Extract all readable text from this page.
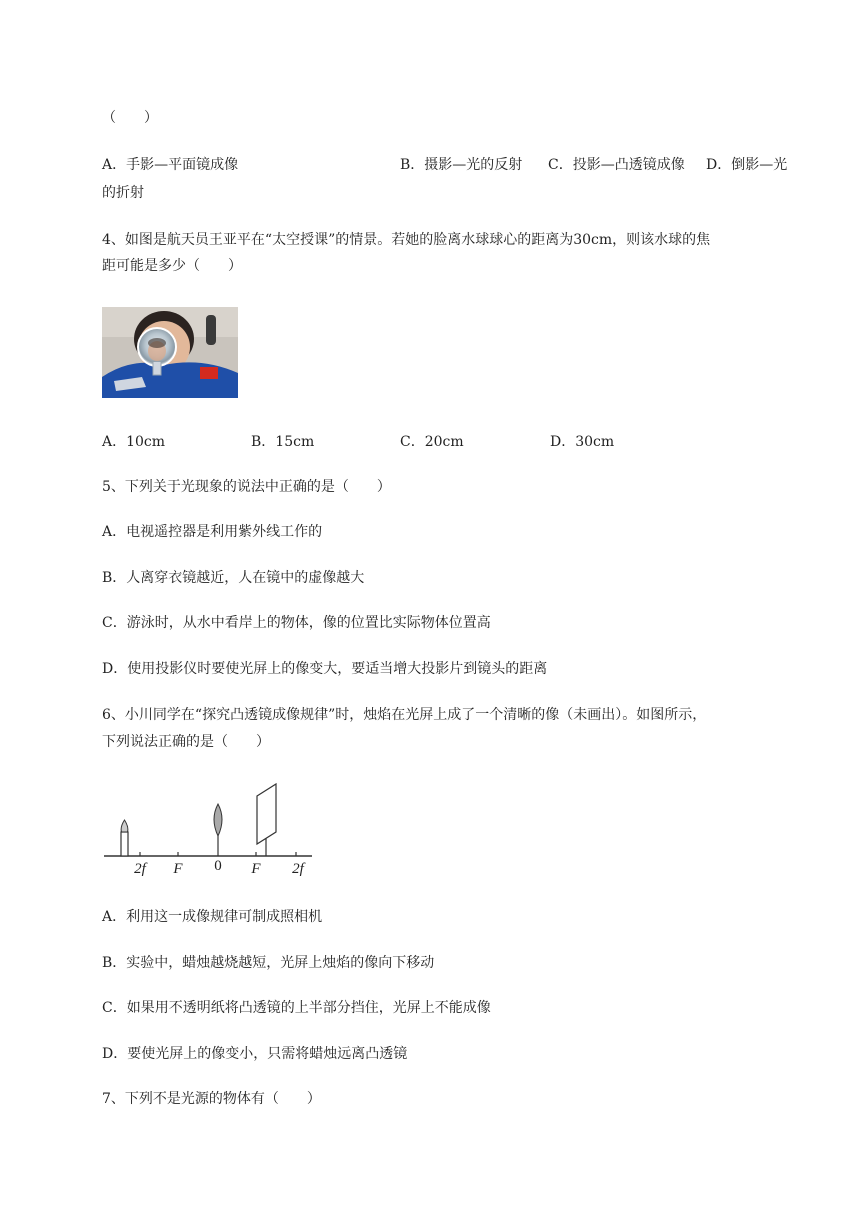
（　　）
A．手影—平面镜成像	B．摄影—光的反射 C．投影—凸透镜成像 D．倒影—光
的折射
4、如图是航天员王亚平在“太空授课”的情景。若她的脸离水球球心的距离为30cm，则该水球的焦
距可能是多少（　　）
A．10cm	B．15cm	C．20cm	D．30cm
5、下列关于光现象的说法中正确的是（　　）
A．电视遥控器是利用紫外线工作的
B．人离穿衣镜越近，人在镜中的虚像越大
C．游泳时，从水中看岸上的物体，像的位置比实际物体位置高
D．使用投影仪时要使光屏上的像变大，要适当增大投影片到镜头的距离
6、小川同学在“探究凸透镜成像规律”时，烛焰在光屏上成了一个清晰的像（未画出）。如图所示，
下列说法正确的是（　　）
2f F 0 F 2f
A．利用这一成像规律可制成照相机
B．实验中，蜡烛越烧越短，光屏上烛焰的像向下移动
C．如果用不透明纸将凸透镜的上半部分挡住，光屏上不能成像
D．要使光屏上的像变小，只需将蜡烛远离凸透镜
7、下列不是光源的物体有（　　）
